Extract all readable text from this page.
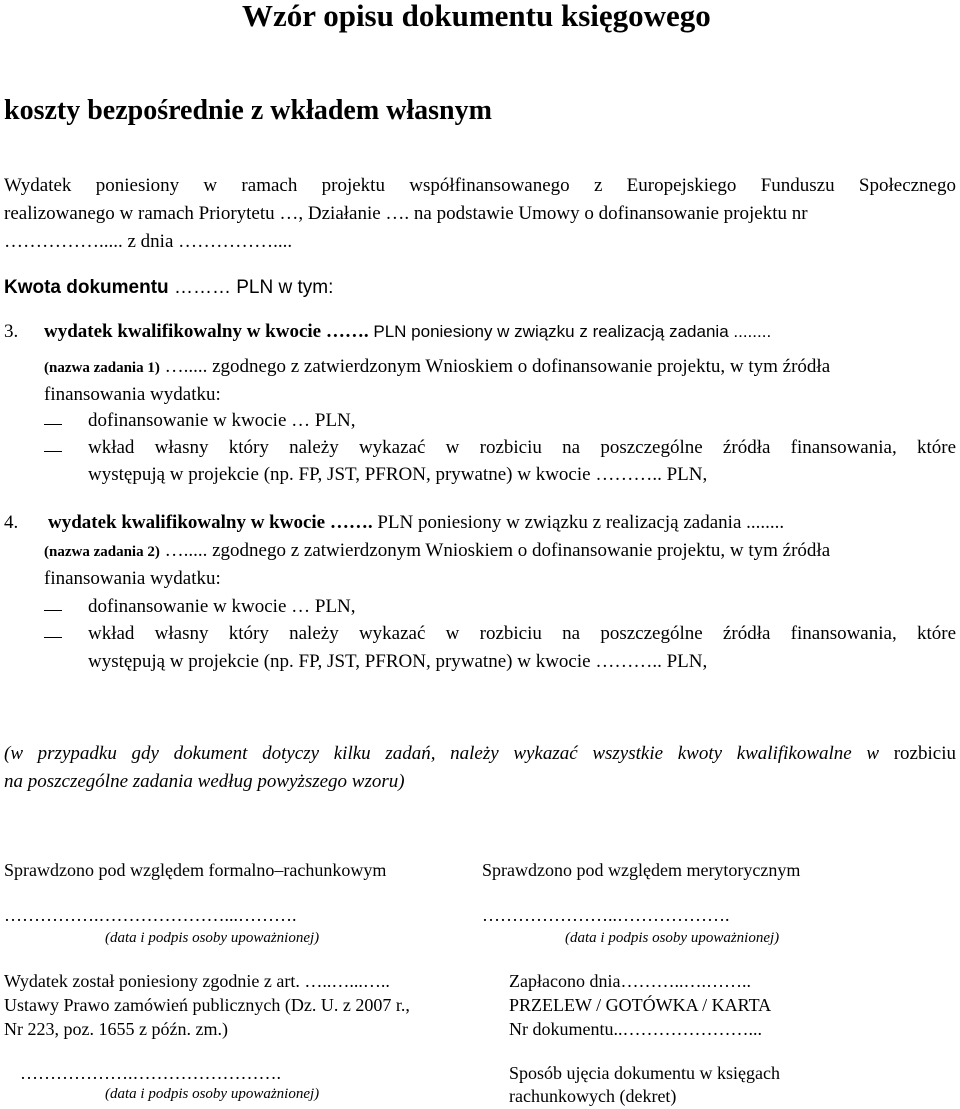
Wzór opisu dokumentu księgowego
koszty bezpośrednie z wkładem własnym
Wydatek poniesiony w ramach projektu współfinansowanego z Europejskiego Funduszu Społecznego
realizowanego w ramach Priorytetu …, Działanie …. na podstawie Umowy o dofinansowanie projektu nr
……………..... z dnia ……………....
Kwota dokumentu ……… PLN w tym:
3. wydatek kwalifikowalny w kwocie ……. PLN poniesiony w związku z realizacją zadania ........
(nazwa zadania 1) …..... zgodnego z zatwierdzonym Wnioskiem o dofinansowanie projektu, w tym źródła
finansowania wydatku:
dofinansowanie w kwocie … PLN,
wkład własny który należy wykazać w rozbiciu na poszczególne źródła finansowania, które
występują w projekcie (np. FP, JST, PFRON, prywatne) w kwocie ……….. PLN,
4. wydatek kwalifikowalny w kwocie ……. PLN poniesiony w związku z realizacją zadania ........
(nazwa zadania 2) …..... zgodnego z zatwierdzonym Wnioskiem o dofinansowanie projektu, w tym źródła
finansowania wydatku:
dofinansowanie w kwocie … PLN,
wkład własny który należy wykazać w rozbiciu na poszczególne źródła finansowania, które
występują w projekcie (np. FP, JST, PFRON, prywatne) w kwocie ……….. PLN,
(w przypadku gdy dokument dotyczy kilku zadań, należy wykazać wszystkie kwoty kwalifikowalne w rozbiciu
na poszczególne zadania według powyższego wzoru)
Sprawdzono pod względem formalno–rachunkowym
…………….…………………...……….
(data i podpis osoby upoważnionej)
Wydatek został poniesiony zgodnie z art. …..…...…..
Ustawy Prawo zamówień publicznych (Dz. U. z 2007 r.,
Nr 223, poz. 1655 z późn. zm.)
……………….…………………….
(data i podpis osoby upoważnionej)
Sprawdzono pod względem merytorycznym
…………………..……………….
(data i podpis osoby upoważnionej)
Zapłacono dnia………..….……..
PRZELEW / GOTÓWKA / KARTA
Nr dokumentu..…………………...
Sposób ujęcia dokumentu w księgach
rachunkowych (dekret)
